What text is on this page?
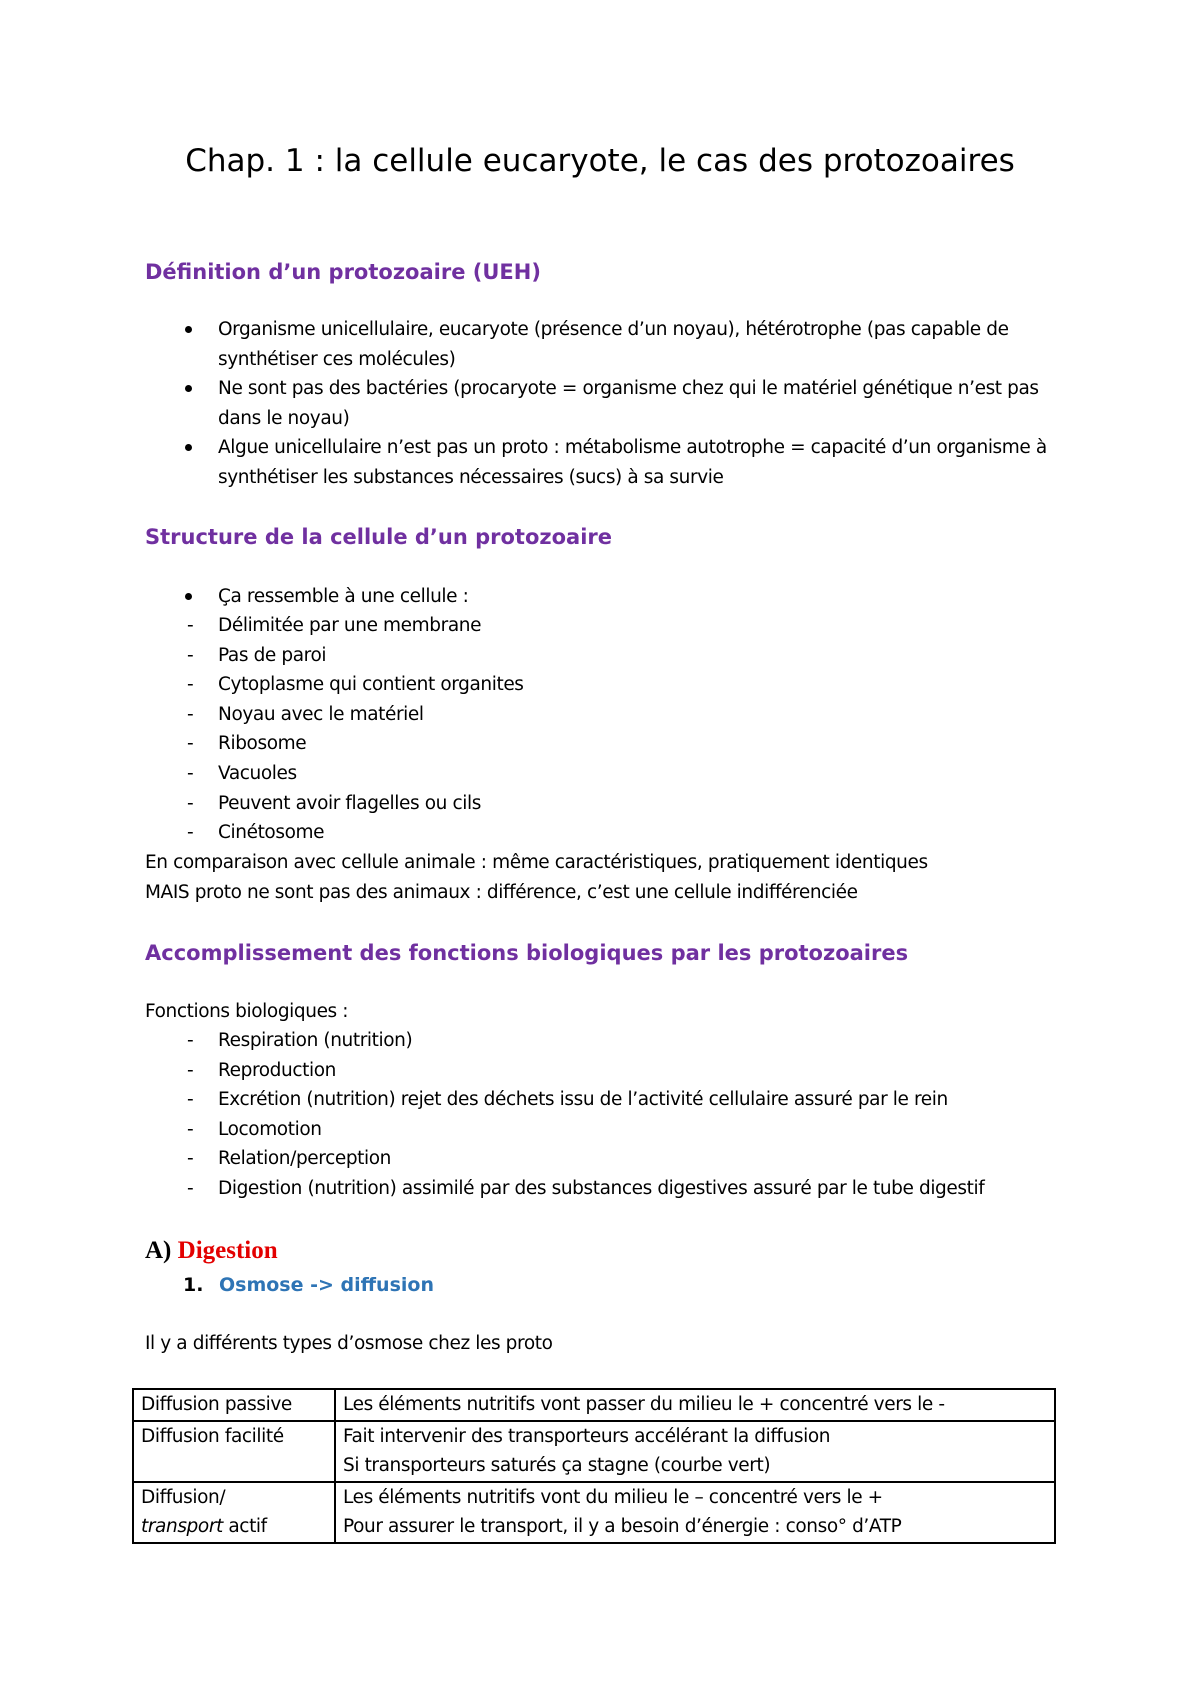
Chap. 1 : la cellule eucaryote, le cas des protozoaires
Définition d’un protozoaire (UEH)
Organisme unicellulaire, eucaryote (présence d’un noyau), hétérotrophe (pas capable de synthétiser ces molécules)
Ne sont pas des bactéries (procaryote = organisme chez qui le matériel génétique n’est pas dans le noyau)
Algue unicellulaire n’est pas un proto : métabolisme autotrophe = capacité d’un organisme à synthétiser les substances nécessaires (sucs) à sa survie
Structure de la cellule d’un protozoaire
Ça ressemble à une cellule :
- Délimitée par une membrane
- Pas de paroi
- Cytoplasme qui contient organites
- Noyau avec le matériel
- Ribosome
- Vacuoles
- Peuvent avoir flagelles ou cils
- Cinétosome

En comparaison avec cellule animale : même caractéristiques, pratiquement identiques

MAIS proto ne sont pas des animaux : différence, c’est une cellule indifférenciée

Accomplissement des fonctions biologiques par les protozoaires

Fonctions biologiques :

- Respiration (nutrition)
- Reproduction
- Excrétion (nutrition) rejet des déchets issu de l’activité cellulaire assuré par le rein
- Locomotion
- Relation/perception
- Digestion (nutrition) assimilé par des substances digestives assuré par le tube digestif
A) Digestion
1. Osmose -> diffusion

Il y a différents types d’osmose chez les proto

Diffusion passive	Les éléments nutritifs vont passer du milieu le + concentré vers le -
Diffusion facilité	Fait intervenir des transporteurs accélérant la diffusion
Si transporteurs saturés ça stagne (courbe vert)
Diffusion/
transport actif	Les éléments nutritifs vont du milieu le – concentré vers le +
Pour assurer le transport, il y a besoin d’énergie : conso° d’ATP
